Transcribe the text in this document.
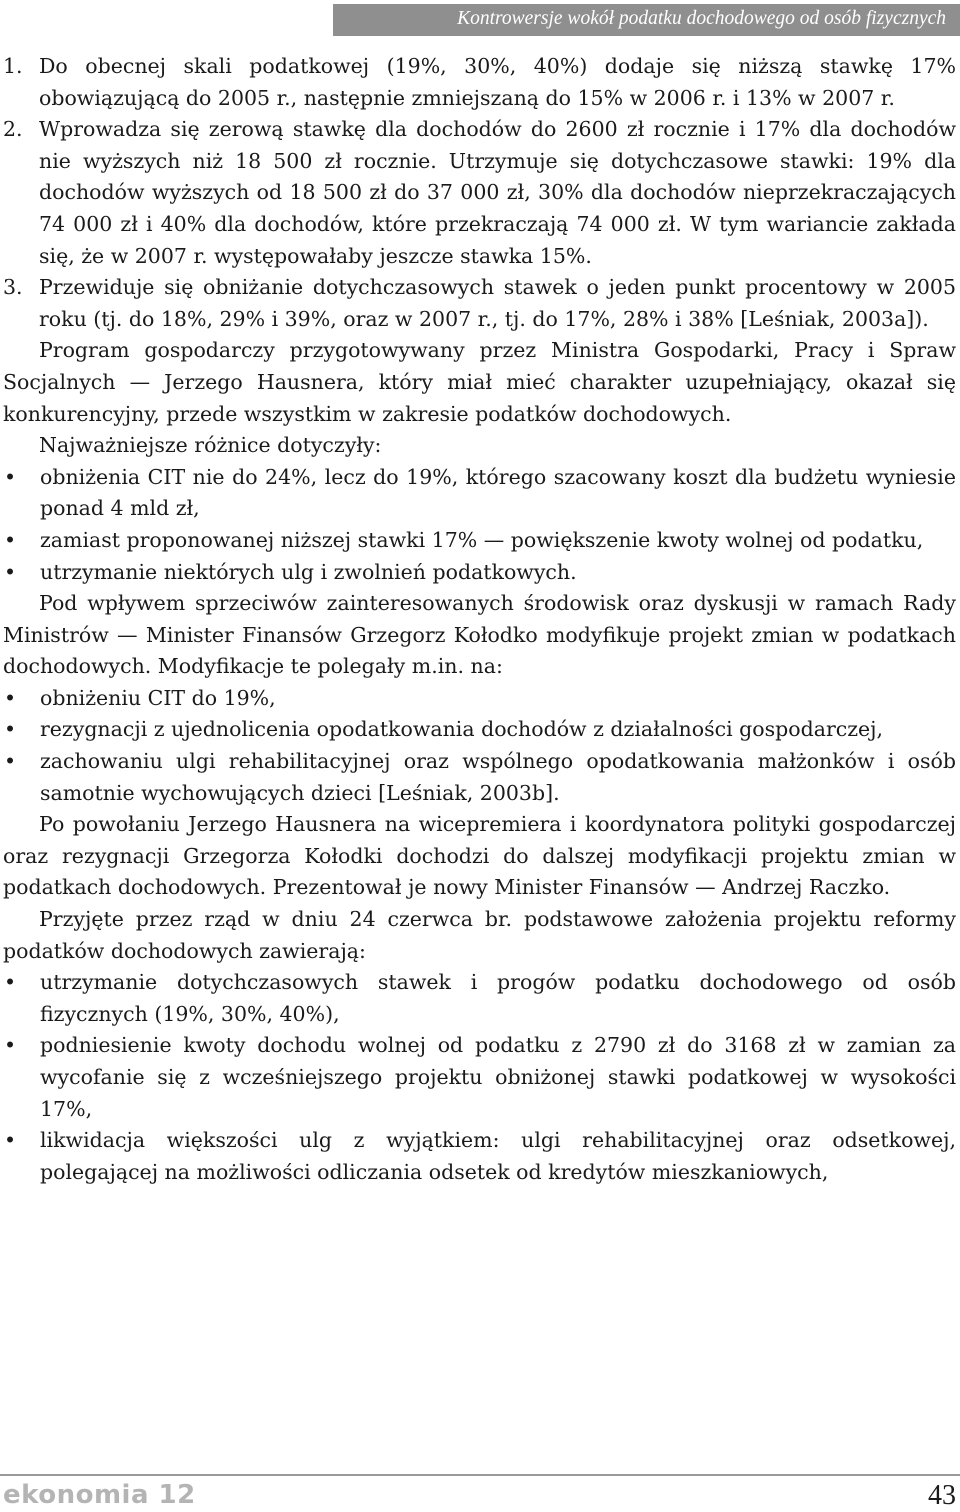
Kontrowersje wokół podatku dochodowego od osób fizycznych
1. Do obecnej skali podatkowej (19%, 30%, 40%) dodaje się niższą stawkę 17% obowiązującą do 2005 r., następnie zmniejszaną do 15% w 2006 r. i 13% w 2007 r.
2. Wprowadza się zerową stawkę dla dochodów do 2600 zł rocznie i 17% dla dochodów nie wyższych niż 18 500 zł rocznie. Utrzymuje się dotychczasowe stawki: 19% dla dochodów wyższych od 18 500 zł do 37 000 zł, 30% dla dochodów nieprzekraczających 74 000 zł i 40% dla dochodów, które przekraczają 74 000 zł. W tym wariancie zakłada się, że w 2007 r. występowałaby jeszcze stawka 15%.
3. Przewiduje się obniżanie dotychczasowych stawek o jeden punkt procentowy w 2005 roku (tj. do 18%, 29% i 39%, oraz w 2007 r., tj. do 17%, 28% i 38% [Leśniak, 2003a]).

Program gospodarczy przygotowywany przez Ministra Gospodarki, Pracy i Spraw Socjalnych — Jerzego Hausnera, który miał mieć charakter uzupełniający, okazał się konkurencyjny, przede wszystkim w zakresie podatków dochodowych.

Najważniejsze różnice dotyczyły:

•	obniżenia CIT nie do 24%, lecz do 19%, którego szacowany koszt dla budżetu wyniesie ponad 4 mld zł,
•	zamiast proponowanej niższej stawki 17% — powiększenie kwoty wolnej od podatku,
•	utrzymanie niektórych ulg i zwolnień podatkowych.

Pod wpływem sprzeciwów zainteresowanych środowisk oraz dyskusji w ramach Rady Ministrów — Minister Finansów Grzegorz Kołodko modyfikuje projekt zmian w podatkach dochodowych. Modyfikacje te polegały m.in. na:

•	obniżeniu CIT do 19%,
•	rezygnacji z ujednolicenia opodatkowania dochodów z działalności gospodarczej,
•	zachowaniu ulgi rehabilitacyjnej oraz wspólnego opodatkowania małżonków i osób samotnie wychowujących dzieci [Leśniak, 2003b].

Po powołaniu Jerzego Hausnera na wicepremiera i koordynatora polityki gospodarczej oraz rezygnacji Grzegorza Kołodki dochodzi do dalszej modyfikacji projektu zmian w podatkach dochodowych. Prezentował je nowy Minister Finansów — Andrzej Raczko.

Przyjęte przez rząd w dniu 24 czerwca br. podstawowe założenia projektu reformy podatków dochodowych zawierają:

•	utrzymanie dotychczasowych stawek i progów podatku dochodowego od osób fizycznych (19%, 30%, 40%),
•	podniesienie kwoty dochodu wolnej od podatku z 2790 zł do 3168 zł w zamian za wycofanie się z wcześniejszego projektu obniżonej stawki podatkowej w wysokości 17%,
•	likwidacja większości ulg z wyjątkiem: ulgi rehabilitacyjnej oraz odsetkowej, polegającej na możliwości odliczania odsetek od kredytów mieszkaniowych,
ekonomia 12	43
